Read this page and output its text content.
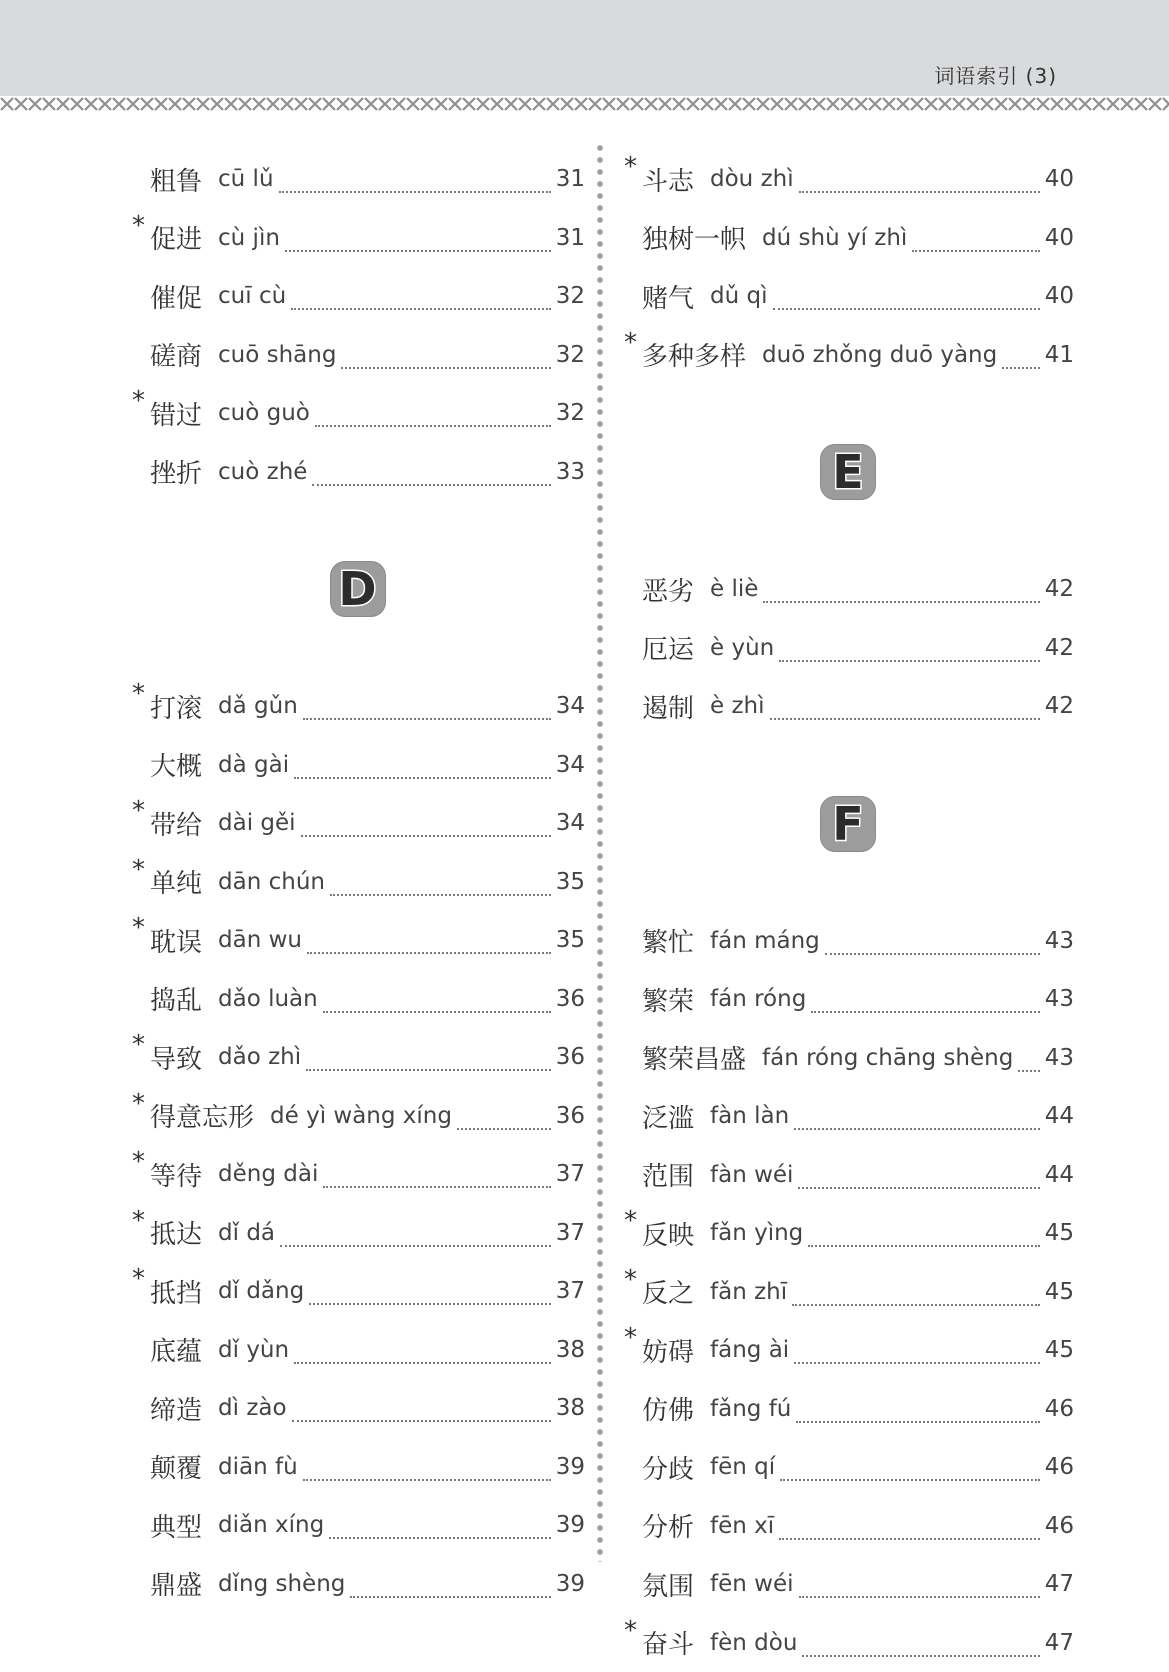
词语索引 (3)
粗鲁 cū lǔ	31
* 促进 cù jìn	31
催促 cuī cù	32
磋商 cuō shāng	32
* 错过 cuò guò	32
挫折 cuò zhé	33
D
* 打滚 dǎ gǔn	34
大概 dà gài	34
* 带给 dài gěi	34
* 单纯 dān chún	35
* 耽误 dān wu	35
捣乱 dǎo luàn	36
* 导致 dǎo zhì	36
* 得意忘形 dé yì wàng xíng	36
* 等待 děng dài	37
* 抵达 dǐ dá	37
* 抵挡 dǐ dǎng	37
底蕴 dǐ yùn	38
缔造 dì zào	38
颠覆 diān fù	39
典型 diǎn xíng	39
鼎盛 dǐng shèng	39
* 斗志 dòu zhì	40
独树一帜 dú shù yí zhì	40
赌气 dǔ qì	40
* 多种多样 duō zhǒng duō yàng 41
E
恶劣 è liè	42
厄运 è yùn	42
遏制 è zhì	42
F
繁忙 fán máng	43
繁荣 fán róng	43
繁荣昌盛 fán róng chāng shèng 43
泛滥 fàn làn	44
范围 fàn wéi	44
* 反映 fǎn yìng	45
* 反之 fǎn zhī	45
* 妨碍 fáng ài	45
仿佛 fǎng fú	46
分歧 fēn qí	46
分析 fēn xī	46
氛围 fēn wéi	47
* 奋斗 fèn dòu	47
